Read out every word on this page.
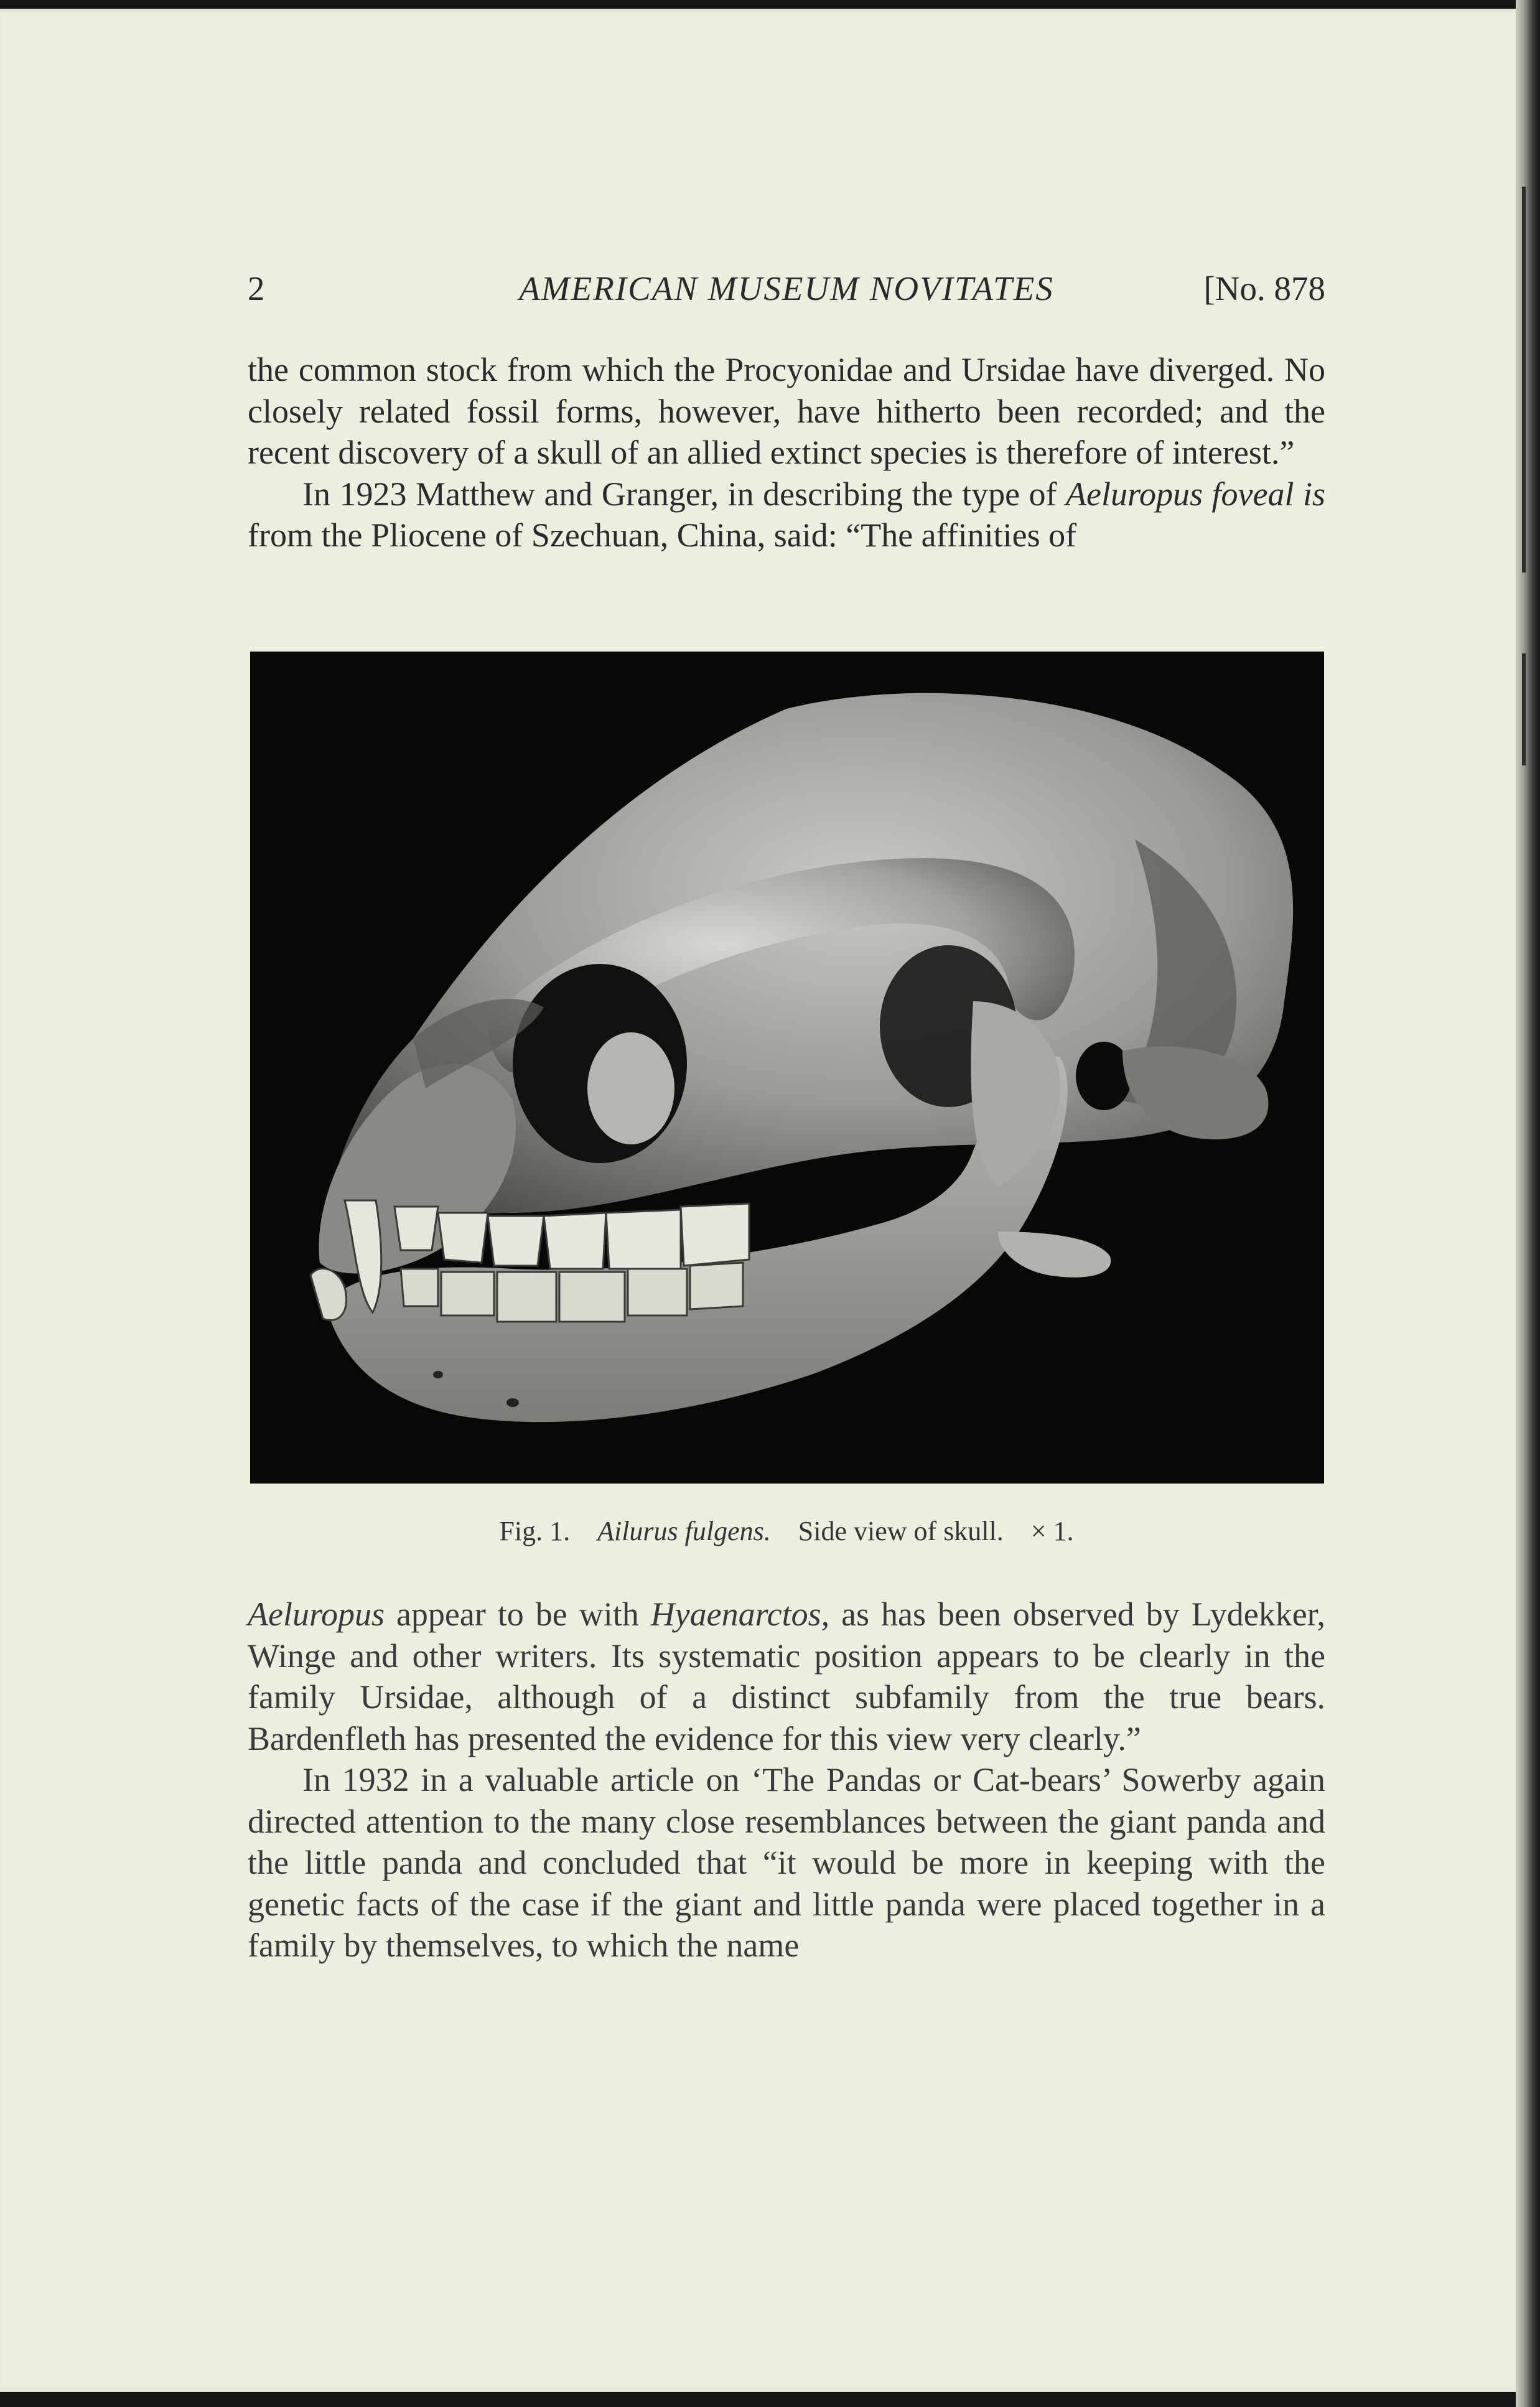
2	AMERICAN MUSEUM NOVITATES	[No. 878

the common stock from which the Procyonidae and Ursidae have diverged. No closely related fossil forms, however, have hitherto been recorded; and the recent discovery of a skull of an allied extinct species is therefore of interest.”

In 1923 Matthew and Granger, in describing the type of Aeluropus foveal is from the Pliocene of Szechuan, China, said: “The affinities of

Fig. 1. Ailurus fulgens. Side view of skull. × 1.

Aeluropus appear to be with Hyaenarctos, as has been observed by Lydekker, Winge and other writers. Its systematic position appears to be clearly in the family Ursidae, although of a distinct subfamily from the true bears. Bardenfleth has presented the evidence for this view very clearly.”

In 1932 in a valuable article on ‘The Pandas or Cat-bears’ Sowerby again directed attention to the many close resemblances between the giant panda and the little panda and concluded that “it would be more in keeping with the genetic facts of the case if the giant and little panda were placed together in a family by themselves, to which the name
